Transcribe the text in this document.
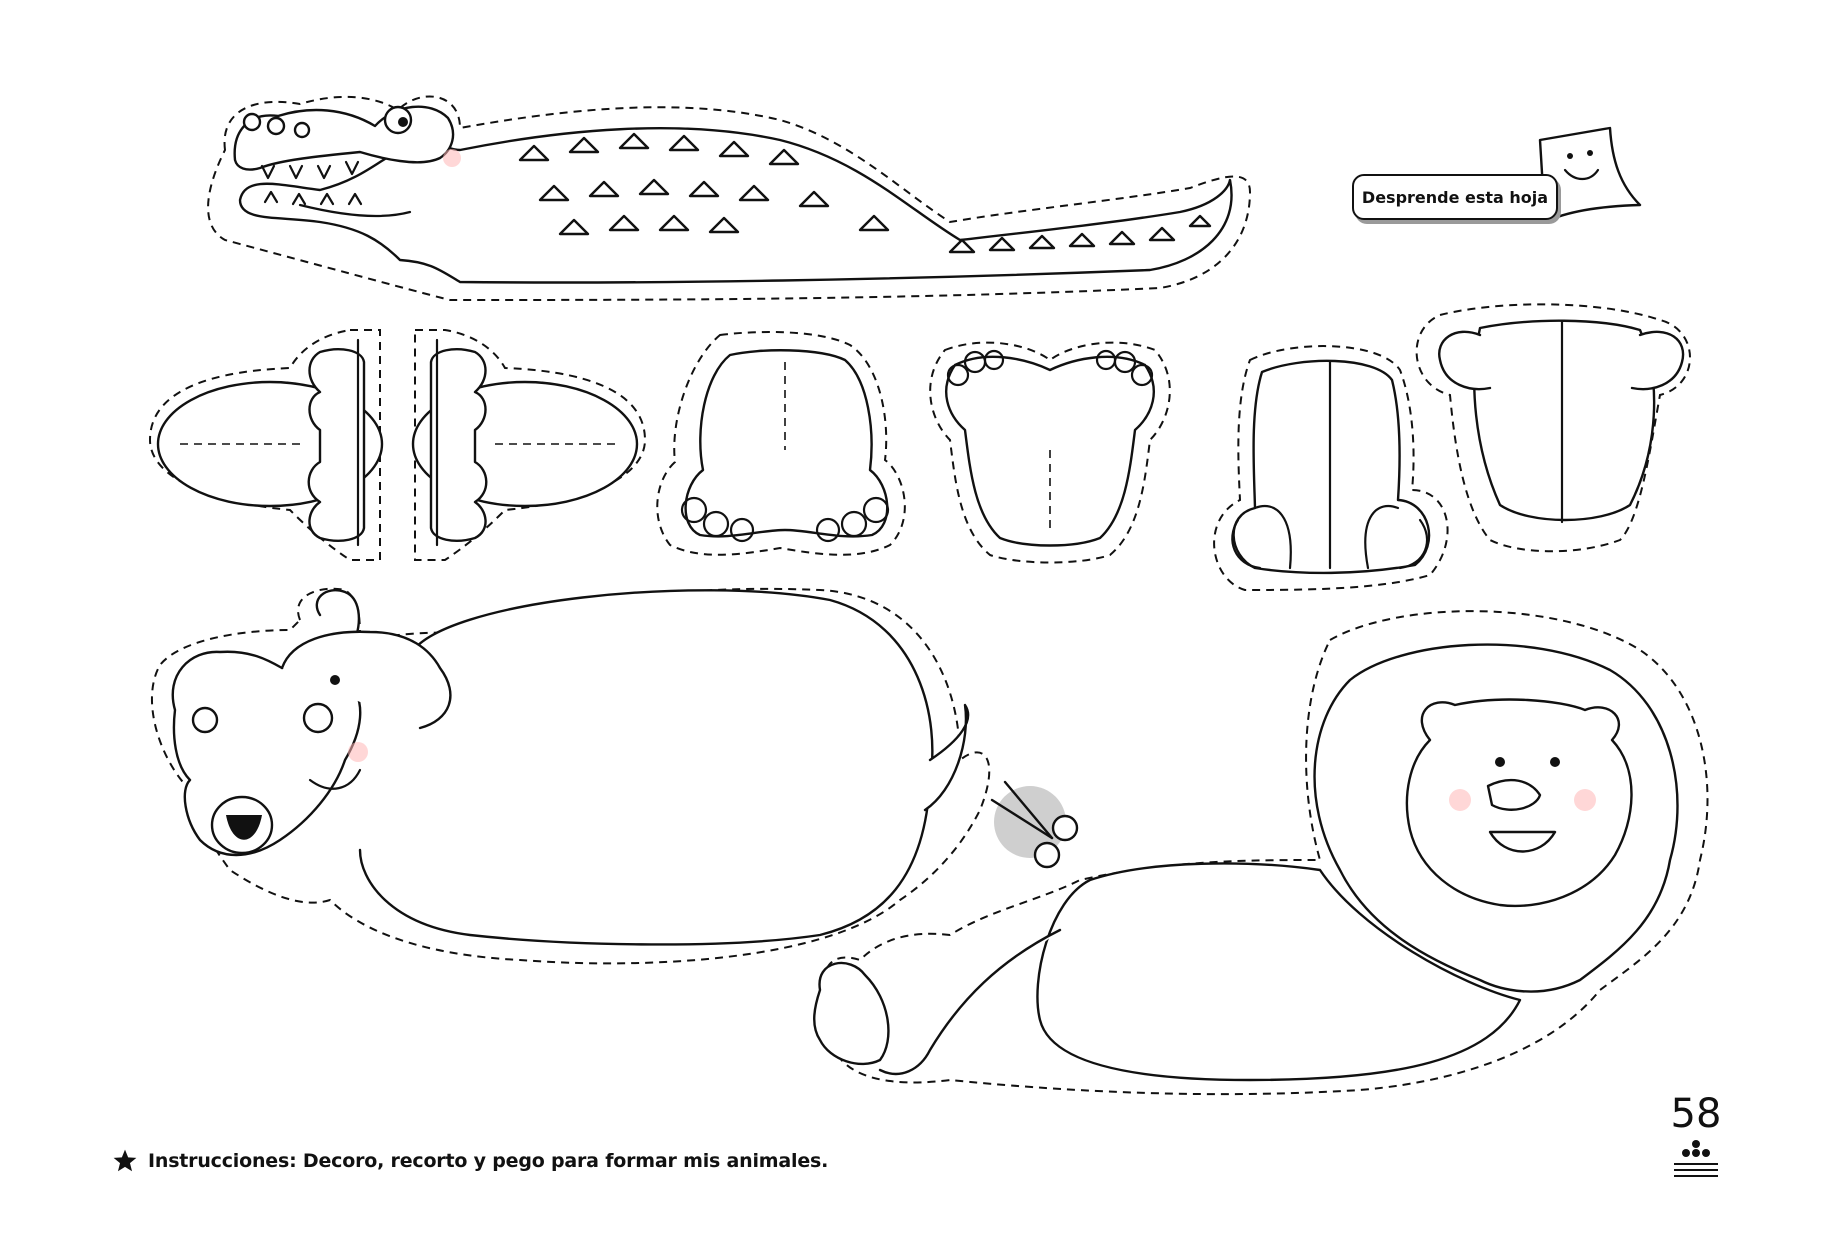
Desprende esta hoja
Instrucciones: Decoro, recorto y pego para formar mis animales.
58
